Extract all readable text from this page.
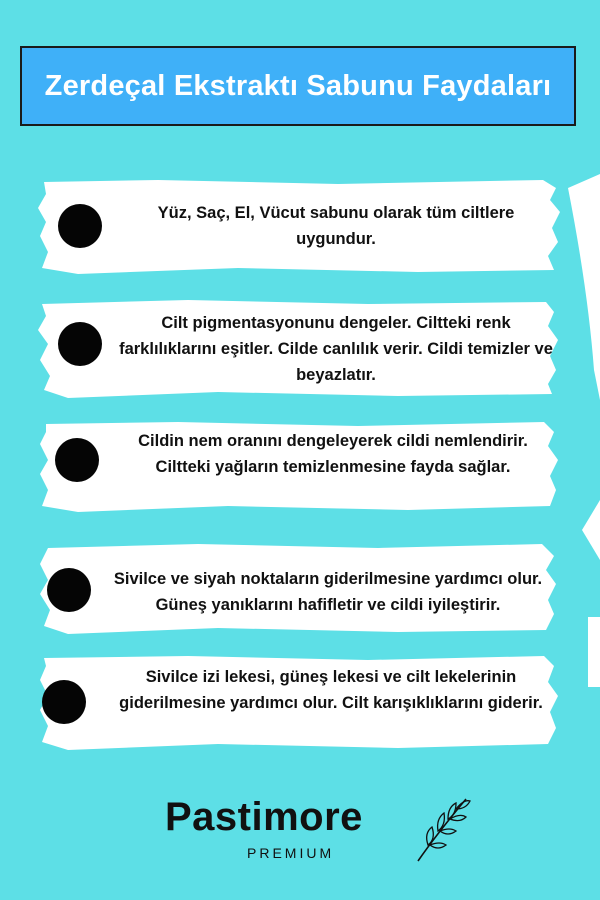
Zerdeçal Ekstraktı Sabunu Faydaları
Yüz, Saç, El, Vücut sabunu olarak tüm ciltlere uygundur.
Cilt pigmentasyonunu dengeler. Ciltteki renk farklılıklarını eşitler. Cilde canlılık verir. Cildi temizler ve beyazlatır.
Cildin nem oranını dengeleyerek cildi nemlendirir. Ciltteki yağların temizlenmesine fayda sağlar.
Sivilce ve siyah noktaların giderilmesine yardımcı olur. Güneş yanıklarını hafifletir ve cildi iyileştirir.
Sivilce izi lekesi, güneş lekesi ve cilt lekelerinin giderilmesine yardımcı olur. Cilt karışıklıklarını giderir.
Pastimore
PREMIUM
